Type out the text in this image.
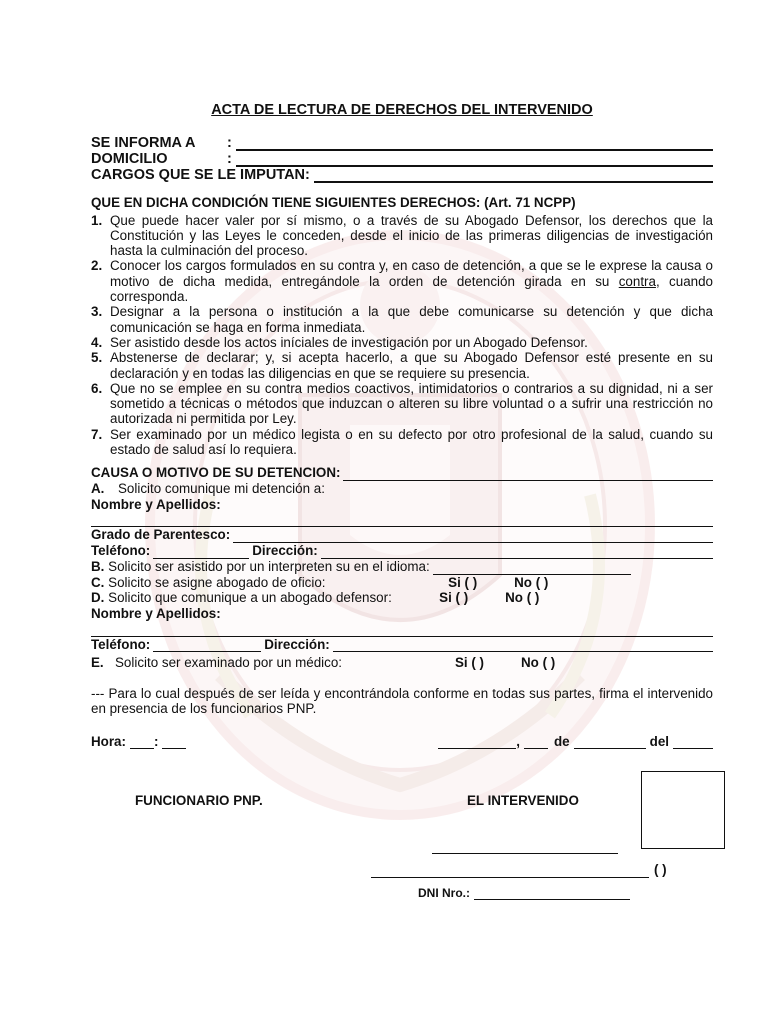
ACTA DE LECTURA DE DERECHOS DEL INTERVENIDO
SE INFORMA A	:
DOMICILIO	:
CARGOS QUE SE LE IMPUTAN:
QUE EN DICHA CONDICIÓN TIENE SIGUIENTES DERECHOS: (Art. 71 NCPP)
1. Que puede hacer valer por sí mismo, o a través de su Abogado Defensor, los derechos que la Constitución y las Leyes le conceden, desde el inicio de las primeras diligencias de investigación hasta la culminación del proceso.
2. Conocer los cargos formulados en su contra y, en caso de detención, a que se le exprese la causa o motivo de dicha medida, entregándole la orden de detención girada en su contra, cuando corresponda.
3. Designar a la persona o institución a la que debe comunicarse su detención y que dicha comunicación se haga en forma inmediata.
4. Ser asistido desde los actos iníciales de investigación por un Abogado Defensor.
5. Abstenerse de declarar; y, si acepta hacerlo, a que su Abogado Defensor esté presente en su declaración y en todas las diligencias en que se requiere su presencia.
6. Que no se emplee en su contra medios coactivos, intimidatorios o contrarios a su dignidad, ni a ser sometido a técnicas o métodos que induzcan o alteren su libre voluntad o a sufrir una restricción no autorizada ni permitida por Ley.
7. Ser examinado por un médico legista o en su defecto por otro profesional de la salud, cuando su estado de salud así lo requiera.
CAUSA O MOTIVO DE SU DETENCION:
A.	Solicito comunique mi detención a:
Nombre y Apellidos:
Grado de Parentesco:
Teléfono:	Dirección:
B.
Solicito ser asistido por un interpreten su en el idioma:
C.
Solicito se asigne abogado de oficio:	Si ( )	No ( )
D.
Solicito que comunique a un abogado defensor:	Si ( )	No ( )
Nombre y Apellidos:
Teléfono:	Dirección:
E. Solicito ser examinado por un médico:	Si ( )	No ( )
--- Para lo cual después de ser leída y encontrándola conforme en todas sus partes, firma el intervenido en presencia de los funcionarios PNP.
Hora: :	,	de	del
FUNCIONARIO PNP.	EL INTERVENIDO
( )
DNI Nro.:
